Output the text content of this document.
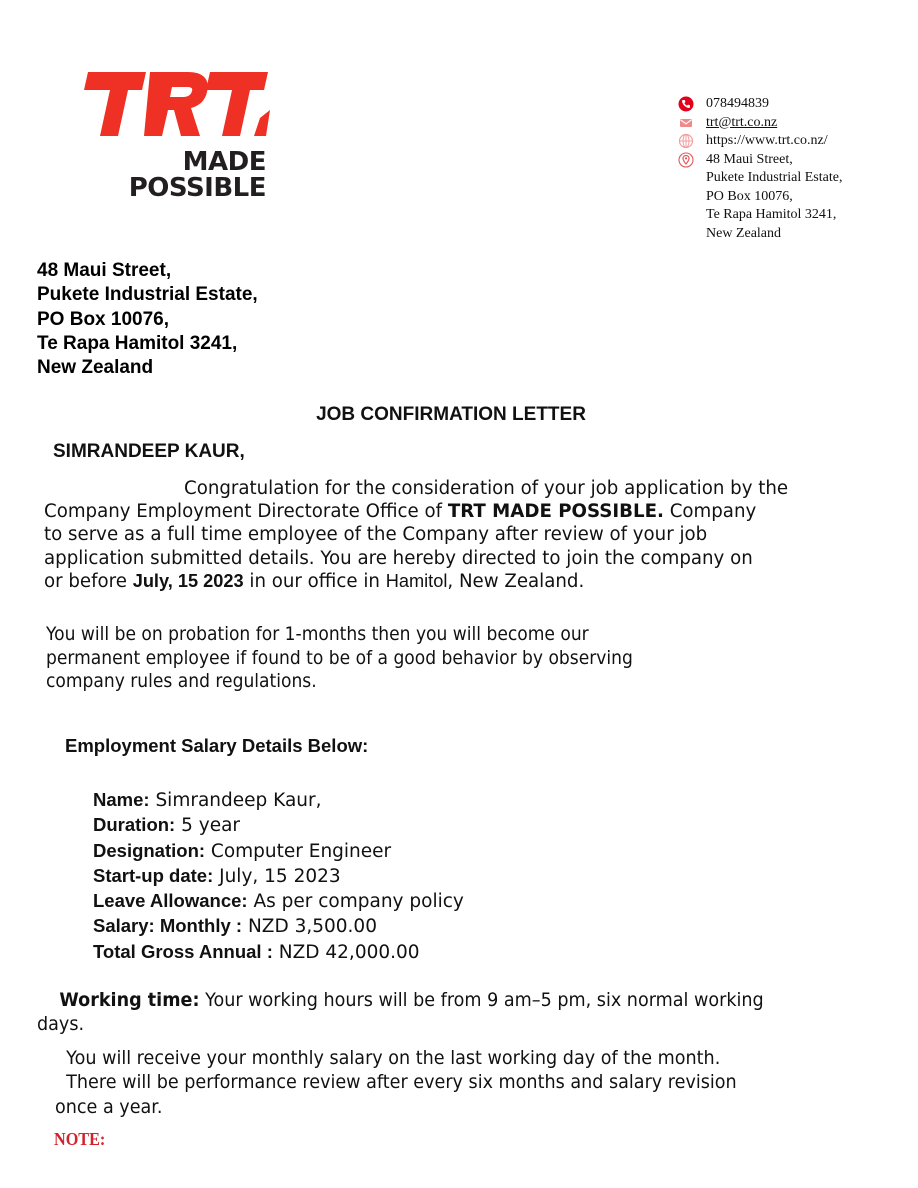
MADE
POSSIBLE
078494839
trt@trt.co.nz
https://www.trt.co.nz/
48 Maui Street,
Pukete Industrial Estate,
PO Box 10076,
Te Rapa Hamitol 3241,
New Zealand
48 Maui Street,
Pukete Industrial Estate,
PO Box 10076,
Te Rapa Hamitol 3241,
New Zealand
JOB CONFIRMATION LETTER
SIMRANDEEP KAUR,
Congratulation for the consideration of your job application by the
Company Employment Directorate Office of TRT MADE POSSIBLE. Company
to serve as a full time employee of the Company after review of your job
application submitted details. You are hereby directed to join the company on
or before July, 15 2023 in our office in Hamitol, New Zealand.
You will be on probation for 1-months then you will become our
permanent employee if found to be of a good behavior by observing
company rules and regulations.
Employment Salary Details Below:
Name: Simrandeep Kaur,
Duration: 5 year
Designation: Computer Engineer
Start-up date: July, 15 2023
Leave Allowance: As per company policy
Salary: Monthly : NZD 3,500.00
Total Gross Annual : NZD 42,000.00
Working time: Your working hours will be from 9 am–5 pm, six normal working
days.
You will receive your monthly salary on the last working day of the month.
There will be performance review after every six months and salary revision
once a year.
NOTE:
